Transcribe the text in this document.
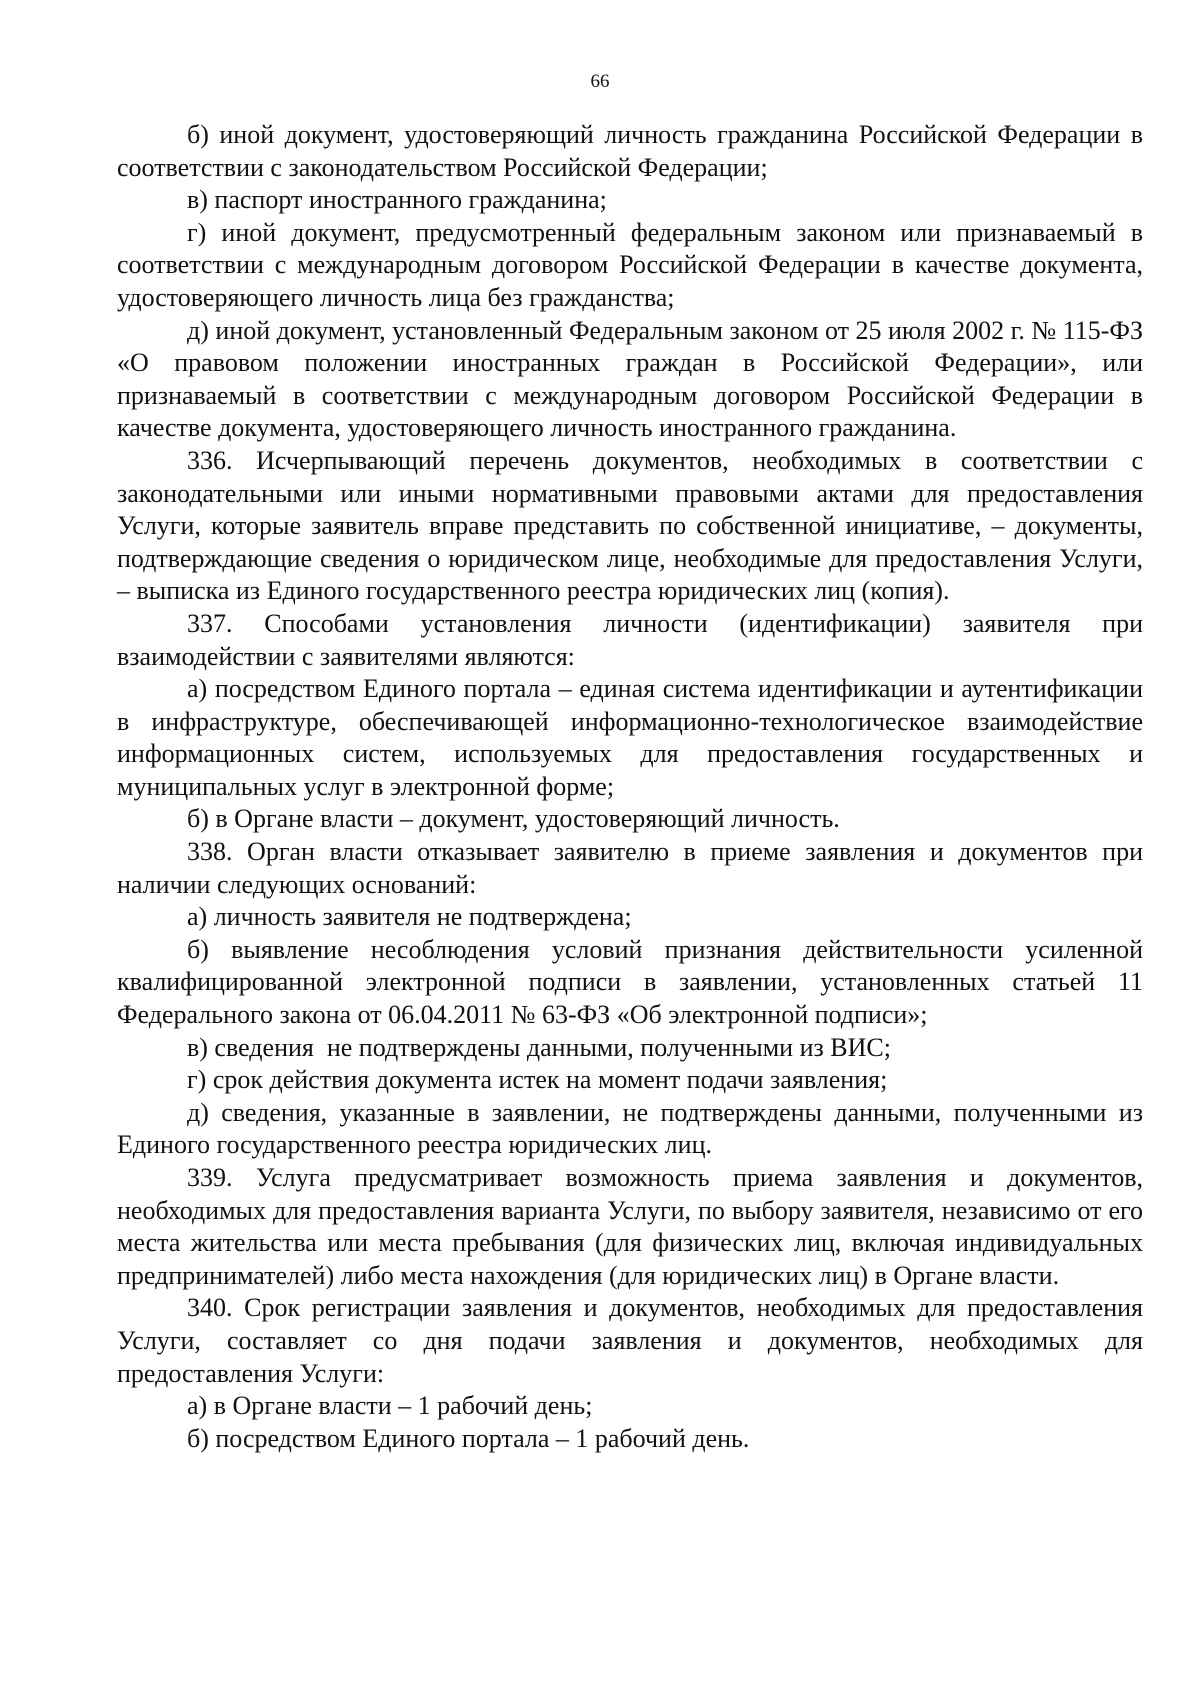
66

б) иной документ, удостоверяющий личность гражданина Российской Федерации в соответствии с законодательством Российской Федерации;

в) паспорт иностранного гражданина;

г) иной документ, предусмотренный федеральным законом или признаваемый в соответствии с международным договором Российской Федерации в качестве документа, удостоверяющего личность лица без гражданства;

д) иной документ, установленный Федеральным законом от 25 июля 2002 г. № 115-ФЗ «О правовом положении иностранных граждан в Российской Федерации», или признаваемый в соответствии с международным договором Российской Федерации в качестве документа, удостоверяющего личность иностранного гражданина.

336. Исчерпывающий перечень документов, необходимых в соответствии с законодательными или иными нормативными правовыми актами для предоставления Услуги, которые заявитель вправе представить по собственной инициативе, – документы, подтверждающие сведения о юридическом лице, необходимые для предоставления Услуги, – выписка из Единого государственного реестра юридических лиц (копия).

337. Способами установления личности (идентификации) заявителя при взаимодействии с заявителями являются:

а) посредством Единого портала – единая система идентификации и аутентификации в инфраструктуре, обеспечивающей информационно-технологическое взаимодействие информационных систем, используемых для предоставления государственных и муниципальных услуг в электронной форме;

б) в Органе власти – документ, удостоверяющий личность.

338. Орган власти отказывает заявителю в приеме заявления и документов при наличии следующих оснований:

а) личность заявителя не подтверждена;

б) выявление несоблюдения условий признания действительности усиленной квалифицированной электронной подписи в заявлении, установленных статьей 11 Федерального закона от 06.04.2011 № 63-ФЗ «Об электронной подписи»;

в) сведения  не подтверждены данными, полученными из ВИС;

г) срок действия документа истек на момент подачи заявления;

д) сведения, указанные в заявлении, не подтверждены данными, полученными из Единого государственного реестра юридических лиц.

339. Услуга предусматривает возможность приема заявления и документов, необходимых для предоставления варианта Услуги, по выбору заявителя, независимо от его места жительства или места пребывания (для физических лиц, включая индивидуальных предпринимателей) либо места нахождения (для юридических лиц) в Органе власти.

340. Срок регистрации заявления и документов, необходимых для предоставления Услуги, составляет со дня подачи заявления и документов, необходимых для предоставления Услуги:

а) в Органе власти – 1 рабочий день;

б) посредством Единого портала – 1 рабочий день.
